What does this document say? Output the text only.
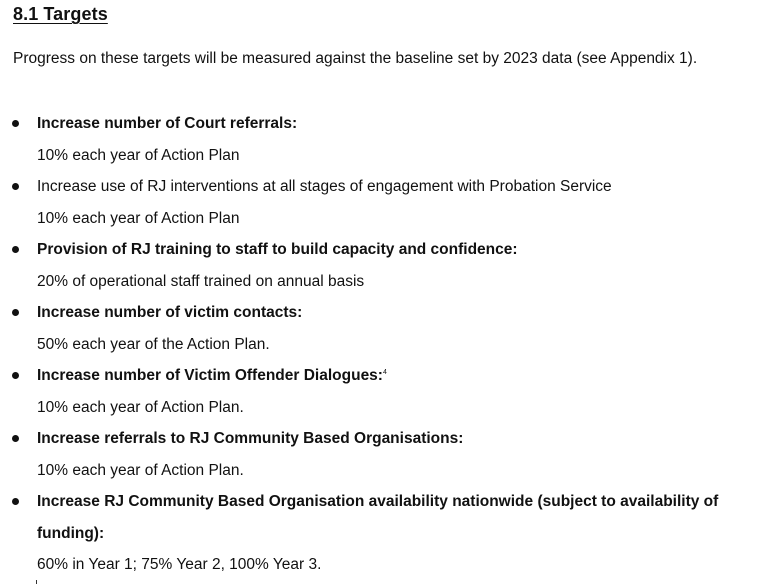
8.1 Targets
Progress on these targets will be measured against the baseline set by 2023 data (see Appendix 1).
Increase number of Court referrals:
10% each year of Action Plan
Increase use of RJ interventions at all stages of engagement with Probation Service
10% each year of Action Plan
Provision of RJ training to staff to build capacity and confidence:
20% of operational staff trained on annual basis
Increase number of victim contacts:
50% each year of the Action Plan.
Increase number of Victim Offender Dialogues:$^4$
10% each year of Action Plan.
Increase referrals to RJ Community Based Organisations:
10% each year of Action Plan.
Increase RJ Community Based Organisation availability nationwide (subject to availability of funding):
60% in Year 1; 75% Year 2, 100% Year 3.
